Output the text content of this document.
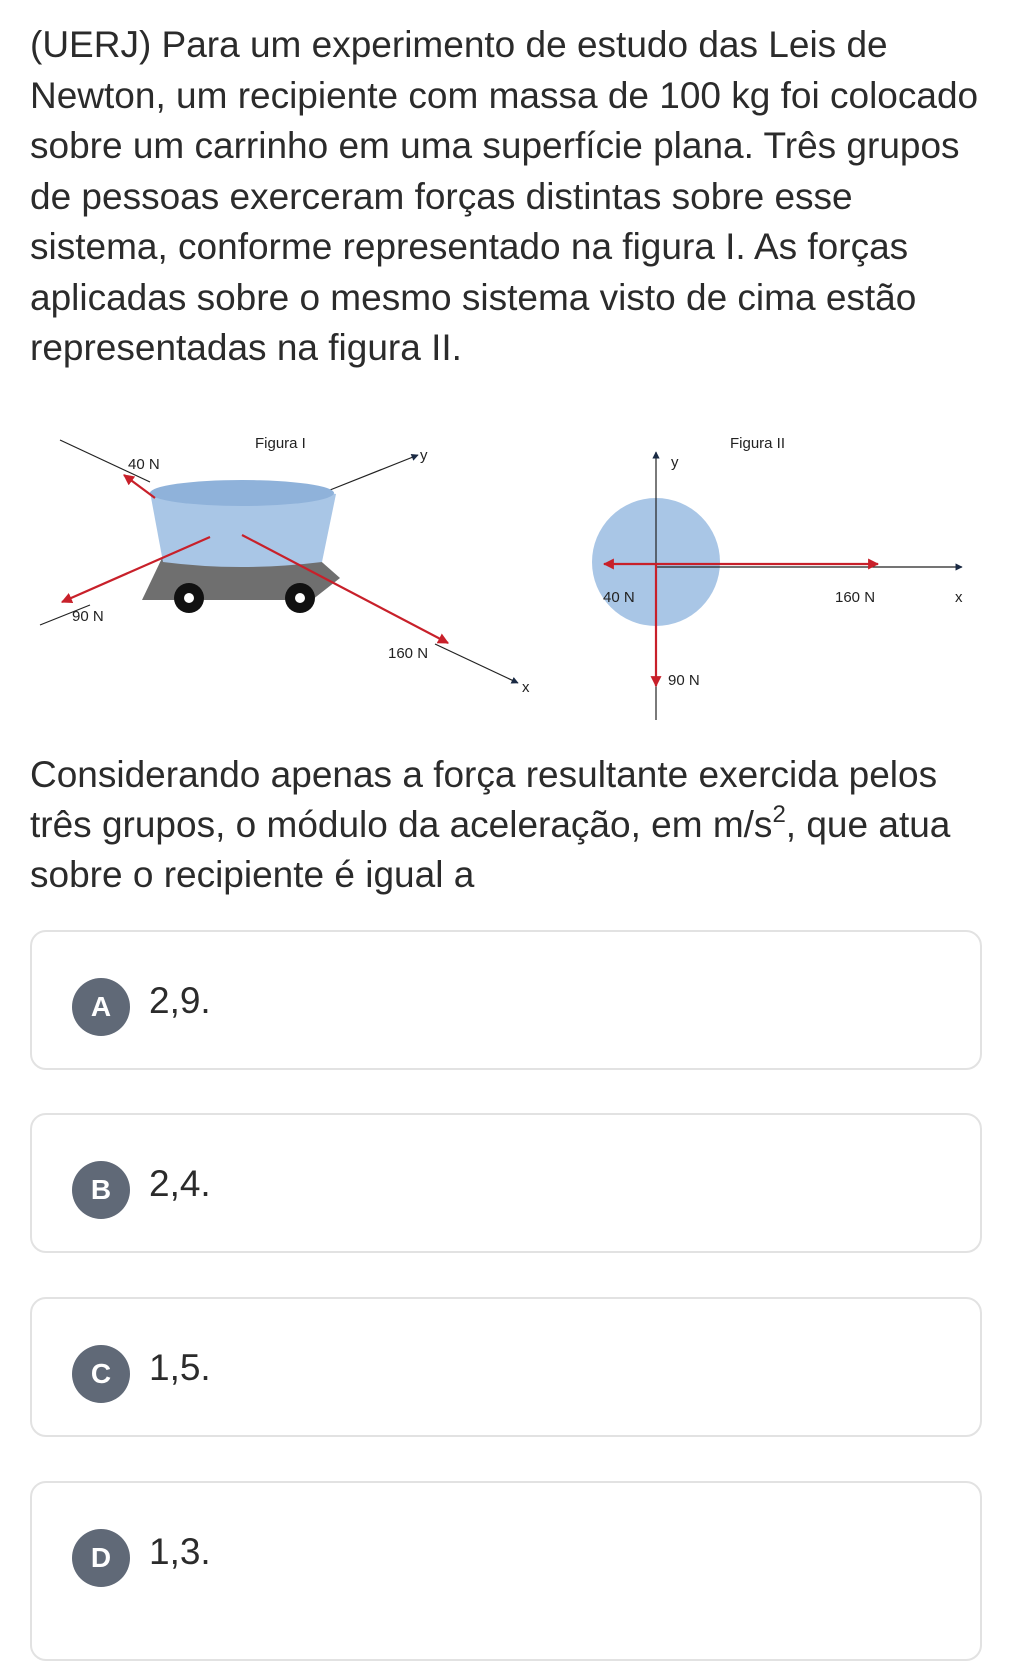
(UERJ) Para um experimento de estudo das Leis de Newton, um recipiente com massa de 100 kg foi colocado sobre um carrinho em uma superfície plana. Três grupos de pessoas exerceram forças distintas sobre esse sistema, conforme representado na figura I. As forças aplicadas sobre o mesmo sistema visto de cima estão representadas na figura II.

Figura I
y
x
40 N
90 N
160 N
Figura II
y
x
40 N	160 N
90 N

Considerando apenas a força resultante exercida pelos três grupos, o módulo da aceleração, em $m/s^2$, que atua sobre o recipiente é igual a

A	2,9.
B	2,4.
C	1,5.
D	1,3.
